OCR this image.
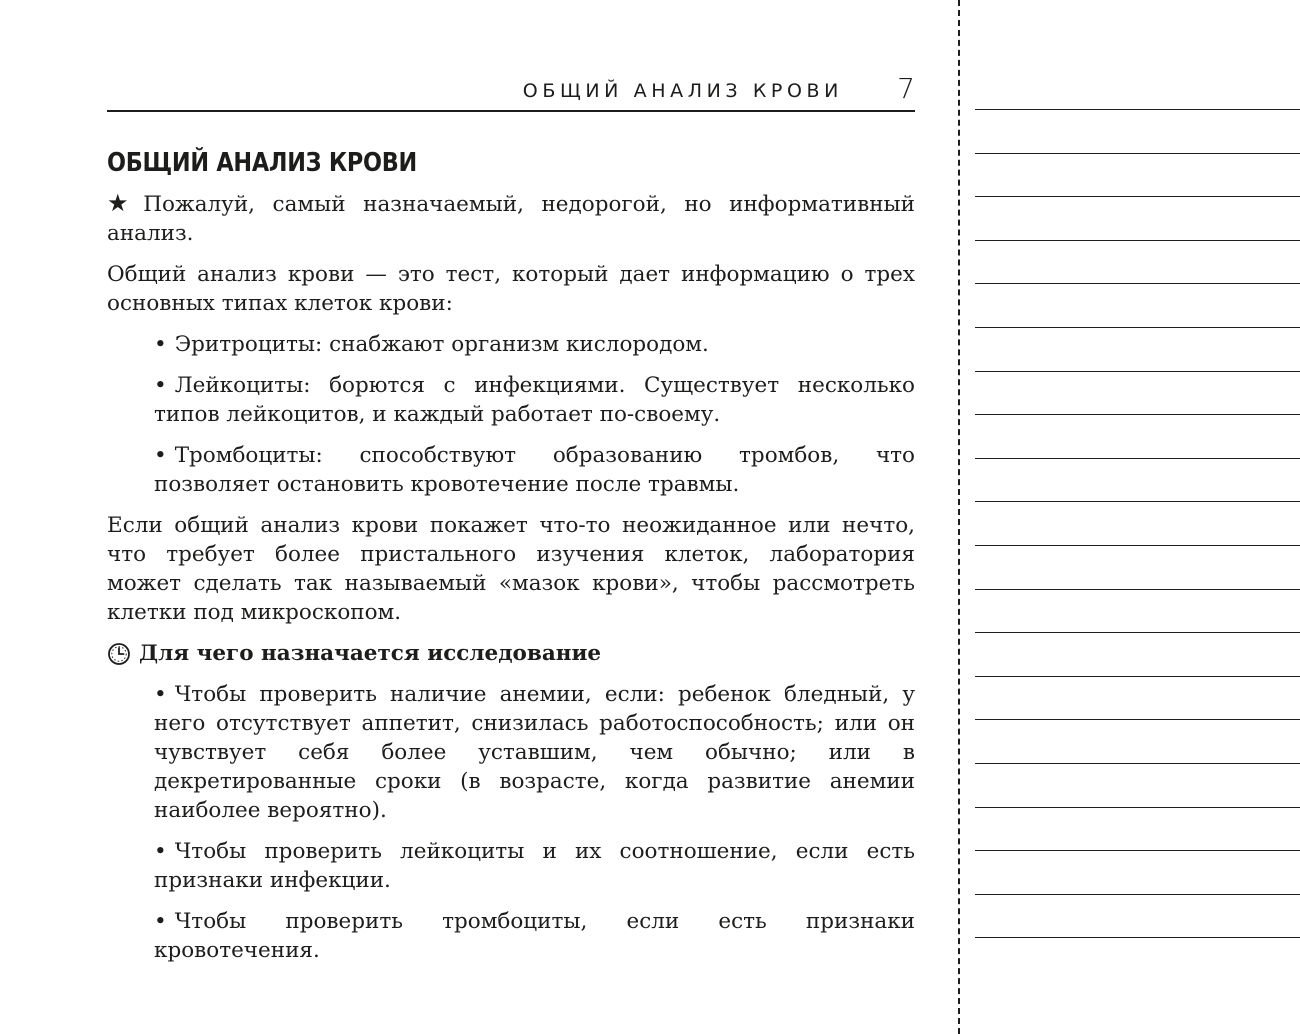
ОБЩИЙ АНАЛИЗ КРОВИ 7
ОБЩИЙ АНАЛИЗ КРОВИ

★ Пожалуй, самый назначаемый, недорогой, но информативный анализ.

Общий анализ крови — это тест, который дает информацию о трех основных типах клеток крови:

• Эритроциты: снабжают организм кислородом.
• Лейкоциты: борются с инфекциями. Существует несколько типов лейкоцитов, и каждый работает по-своему.
• Тромбоциты: способствуют образованию тромбов, что позволяет остановить кровотечение после травмы.

Если общий анализ крови покажет что-то неожиданное или нечто, что требует более пристального изучения клеток, лаборатория может сделать так называемый «мазок крови», чтобы рассмотреть клетки под микроскопом.

Для чего назначается исследование
• Чтобы проверить наличие анемии, если: ребенок бледный, у него отсутствует аппетит, снизилась работоспособность; или он чувствует себя более уставшим, чем обычно; или в декретированные сроки (в возрасте, когда развитие анемии наиболее вероятно).
• Чтобы проверить лейкоциты и их соотношение, если есть признаки инфекции.
• Чтобы проверить тромбоциты, если есть признаки кровотечения.
